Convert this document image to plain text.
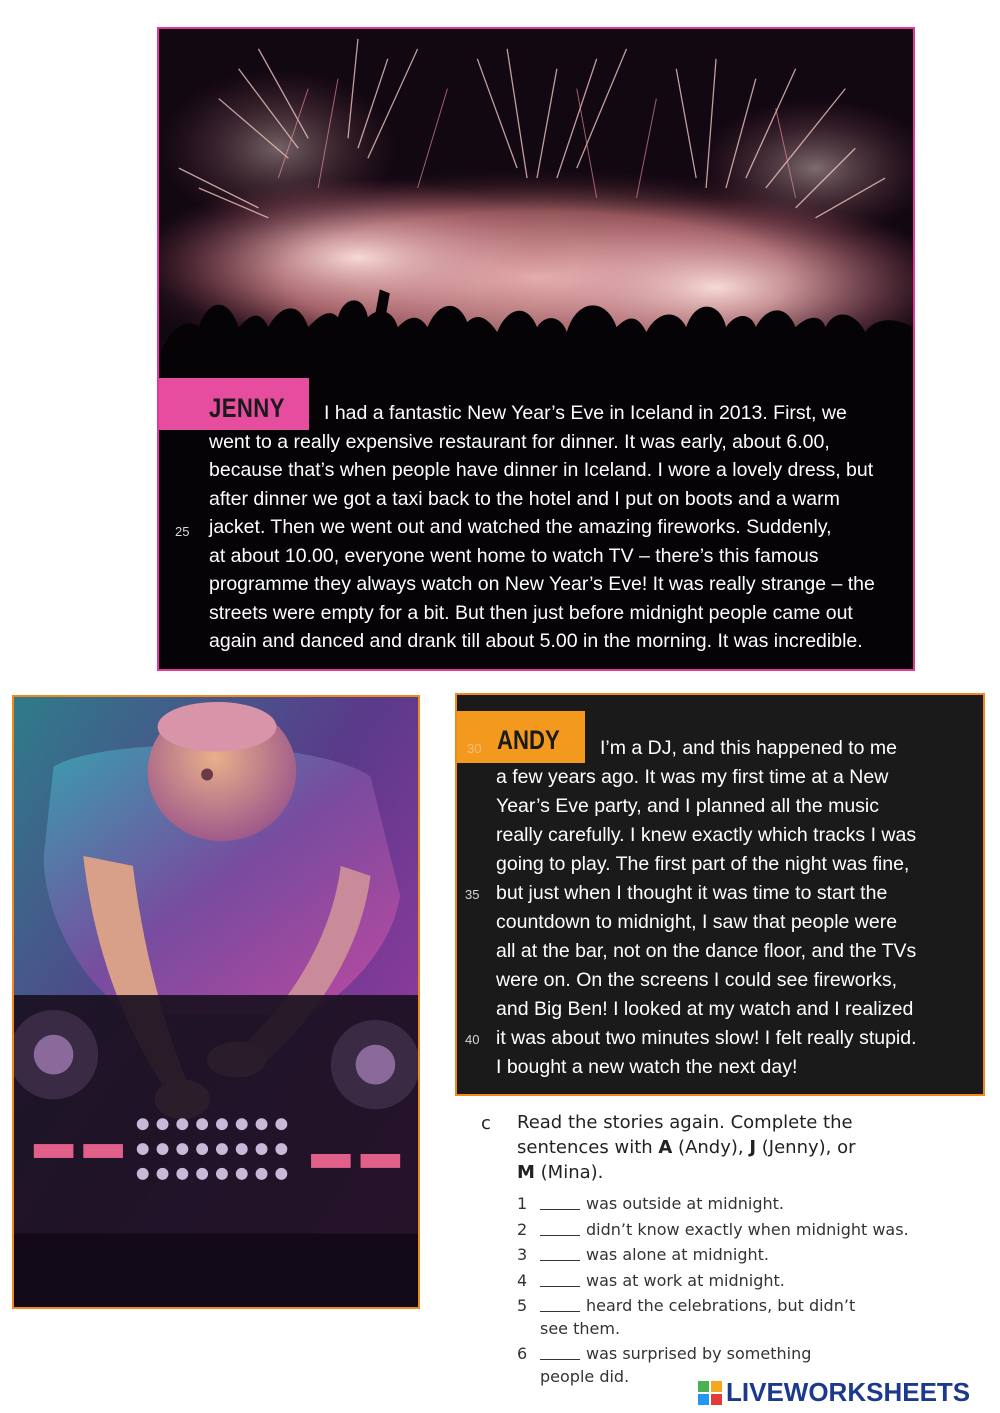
JENNY	I had a fantastic New Year’s Eve in Iceland in 2013. First, we
went to a really expensive restaurant for dinner. It was early, about 6.00,
because that’s when people have dinner in Iceland. I wore a lovely dress, but
after dinner we got a taxi back to the hotel and I put on boots and a warm
jacket. Then we went out and watched the amazing fireworks. Suddenly,
at about 10.00, everyone went home to watch TV – there’s this famous
programme they always watch on New Year’s Eve! It was really strange – the
streets were empty for a bit. But then just before midnight people came out
again and danced and drank till about 5.00 in the morning. It was incredible.
25
ANDY
30	I’m a DJ, and this happened to me
a few years ago. It was my first time at a New
Year’s Eve party, and I planned all the music
really carefully. I knew exactly which tracks I was
going to play. The first part of the night was fine,
but just when I thought it was time to start the
countdown to midnight, I saw that people were
all at the bar, not on the dance floor, and the TVs
were on. On the screens I could see fireworks,
and Big Ben! I looked at my watch and I realized
it was about two minutes slow! I felt really stupid.
I bought a new watch the next day!
35
40
c Read the stories again. Complete the
sentences with A (Andy), J (Jenny), or
M (Mina).
1	was outside at midnight.
2	didn’t know exactly when midnight was.
3	was alone at midnight.
4	was at work at midnight.
5	heard the celebrations, but didn’t
see them.
6	was surprised by something
people did.
LIVEWORKSHEETS
